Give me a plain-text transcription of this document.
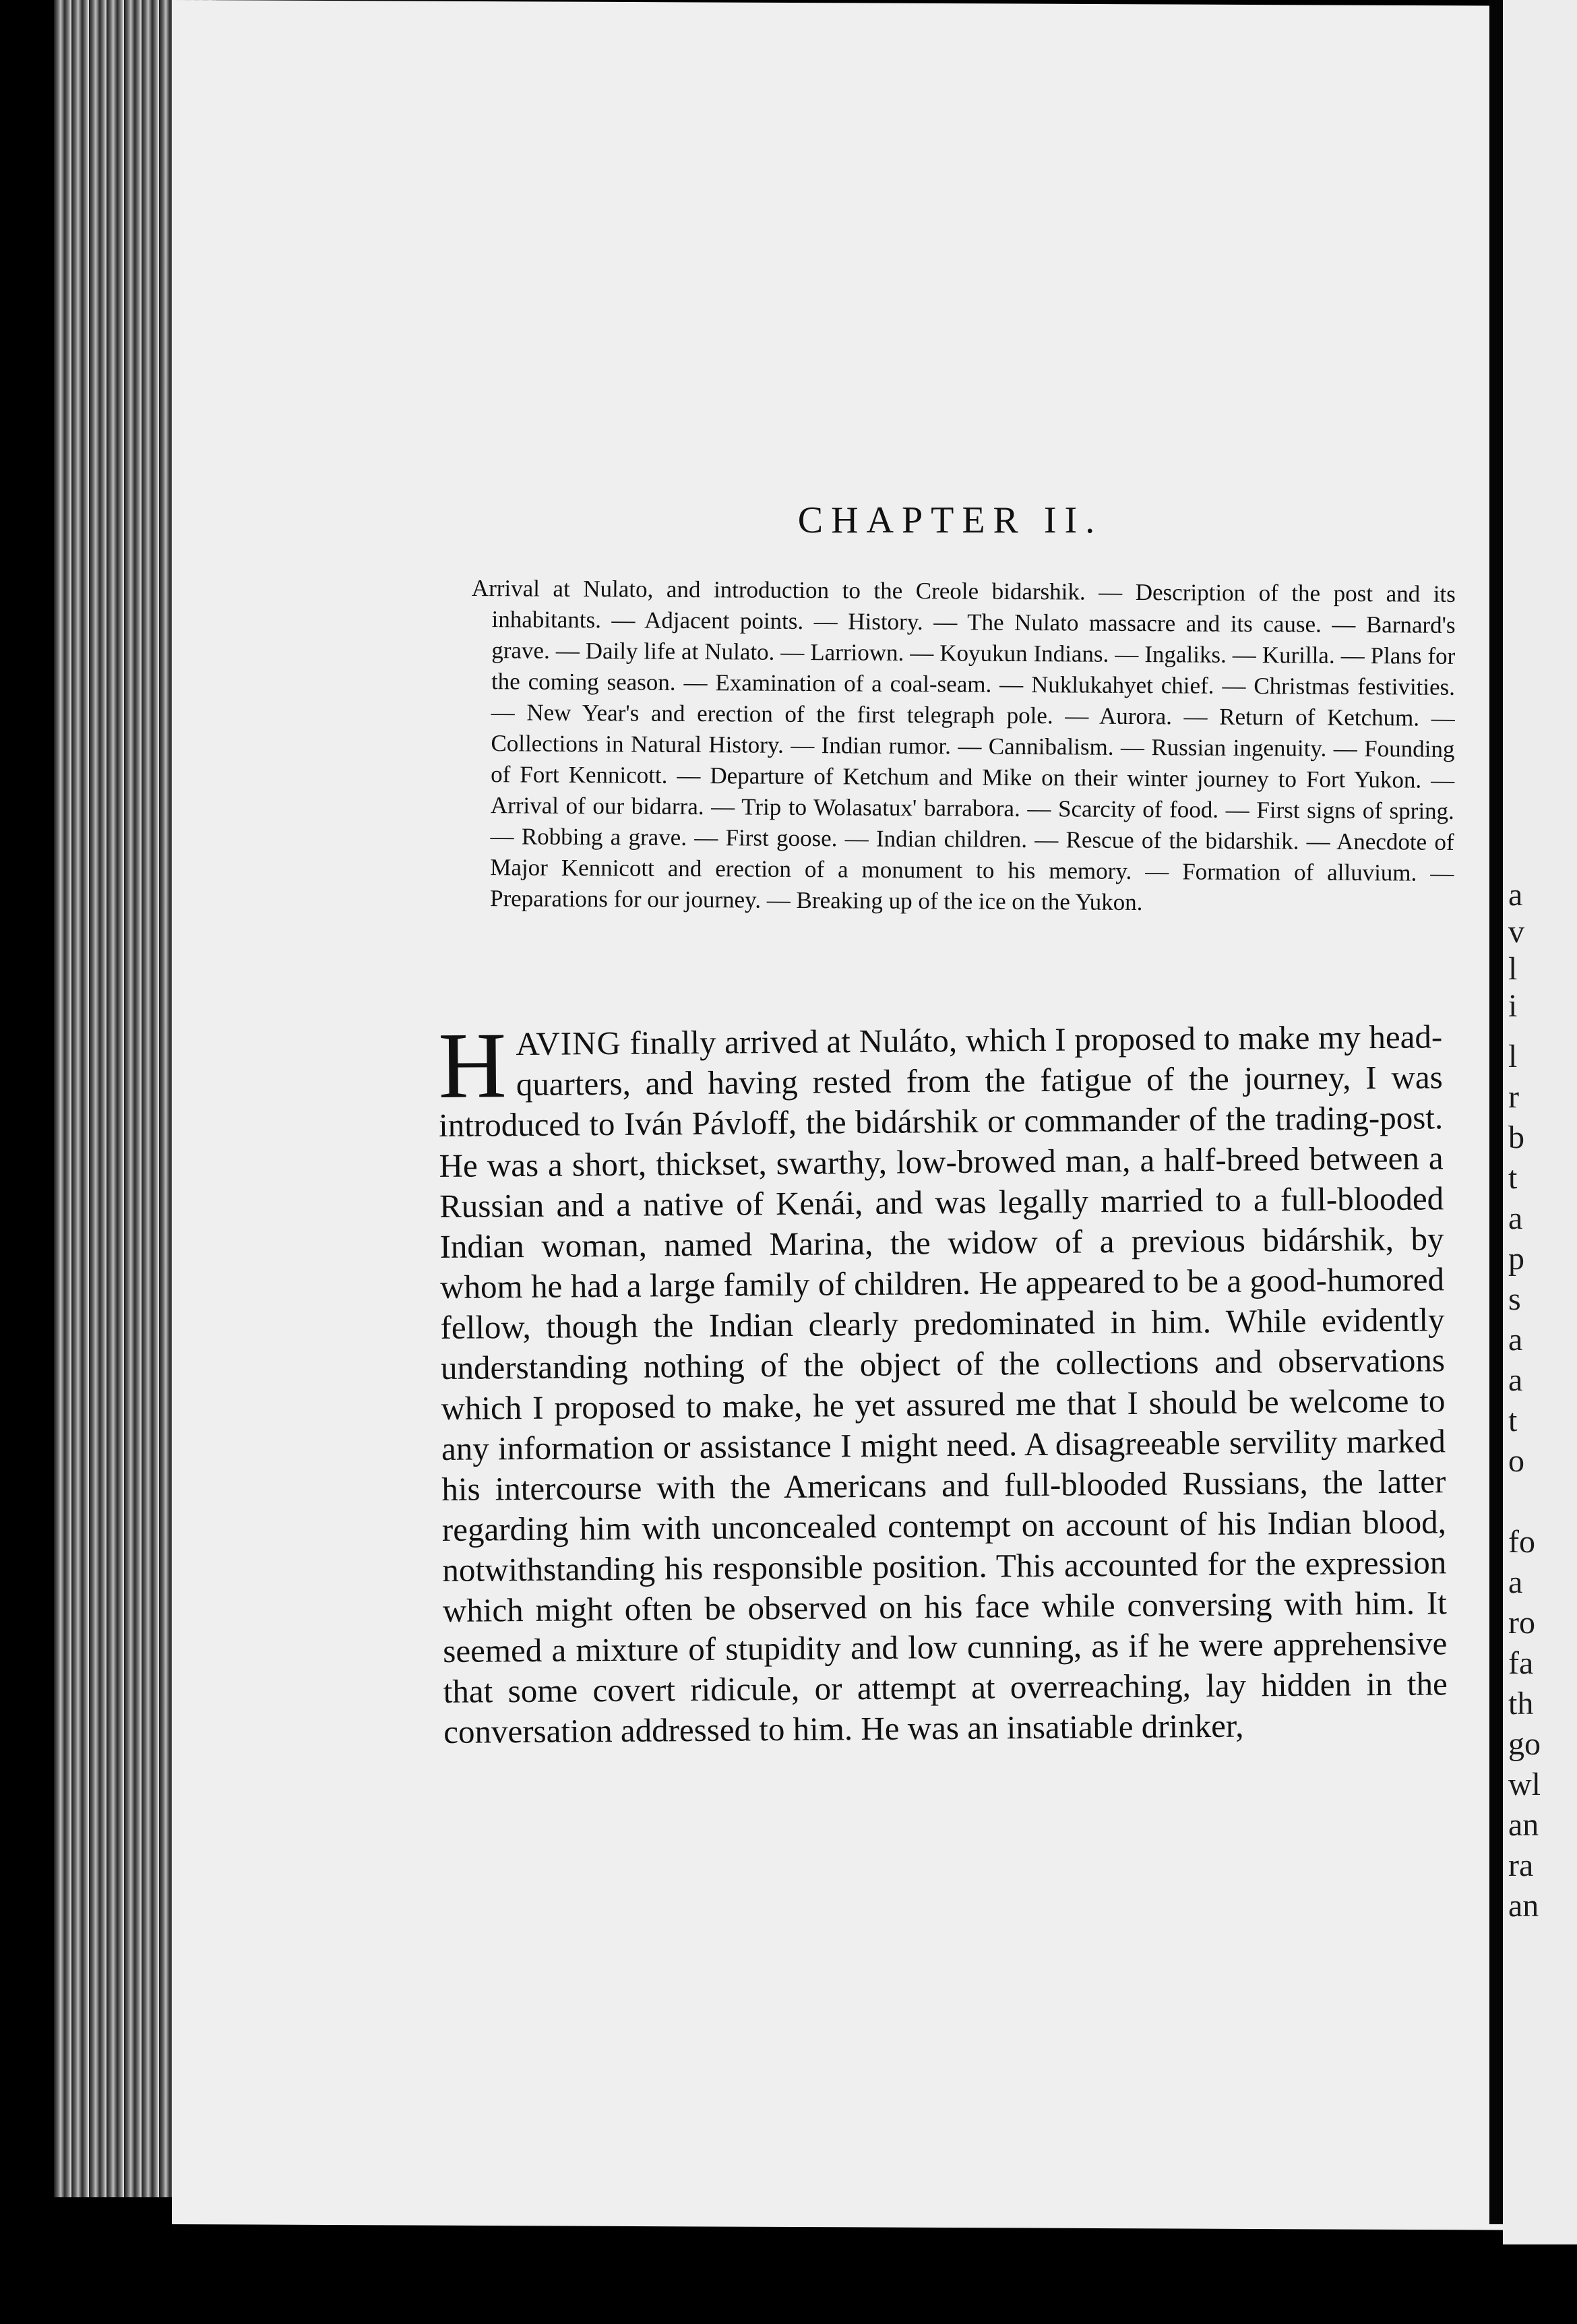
CHAPTER II.

Arrival at Nulato, and introduction to the Creole bidarshik. — Description of the post and its inhabitants. — Adjacent points. — History. — The Nulato massacre and its cause. — Barnard's grave. — Daily life at Nulato. — Larriown. — Koyukun Indians. — Ingaliks. — Kurilla. — Plans for the coming season. — Examination of a coal-seam. — Nuklukahyet chief. — Christmas festivities. — New Year's and erection of the first telegraph pole. — Aurora. — Return of Ketchum. — Collections in Natural History. — Indian rumor. — Cannibalism. — Russian ingenuity. — Founding of Fort Kennicott. — Departure of Ketchum and Mike on their winter journey to Fort Yukon. — Arrival of our bidarra. — Trip to Wolasatux' barrabora. — Scarcity of food. — First signs of spring. — Robbing a grave. — First goose. — Indian children. — Rescue of the bidarshik. — Anecdote of Major Kennicott and erection of a monument to his memory. — Formation of alluvium. — Preparations for our journey. — Breaking up of the ice on the Yukon.

HAVING finally arrived at Nuláto, which I proposed to make my head-quarters, and having rested from the fatigue of the journey, I was introduced to Iván Pávloff, the bidárshik or commander of the trading-post. He was a short, thickset, swarthy, low-browed man, a half-breed between a Russian and a native of Kenái, and was legally married to a full-blooded Indian woman, named Marina, the widow of a previous bidárshik, by whom he had a large family of children. He appeared to be a good-humored fellow, though the Indian clearly predominated in him. While evidently understanding nothing of the object of the collections and observations which I proposed to make, he yet assured me that I should be welcome to any information or assistance I might need. A disagreeable servility marked his intercourse with the Americans and full-blooded Russians, the latter regarding him with unconcealed contempt on account of his Indian blood, notwithstanding his responsible position. This accounted for the expression which might often be observed on his face while conversing with him. It seemed a mixture of stupidity and low cunning, as if he were apprehensive that some covert ridicule, or attempt at overreaching, lay hidden in the conversation addressed to him. He was an insatiable drinker,

a
v
l
i
l
r
b
t
a
p
s
a
a
t
o
fo
a
ro
fa
th
go
wl
an
ra
an
